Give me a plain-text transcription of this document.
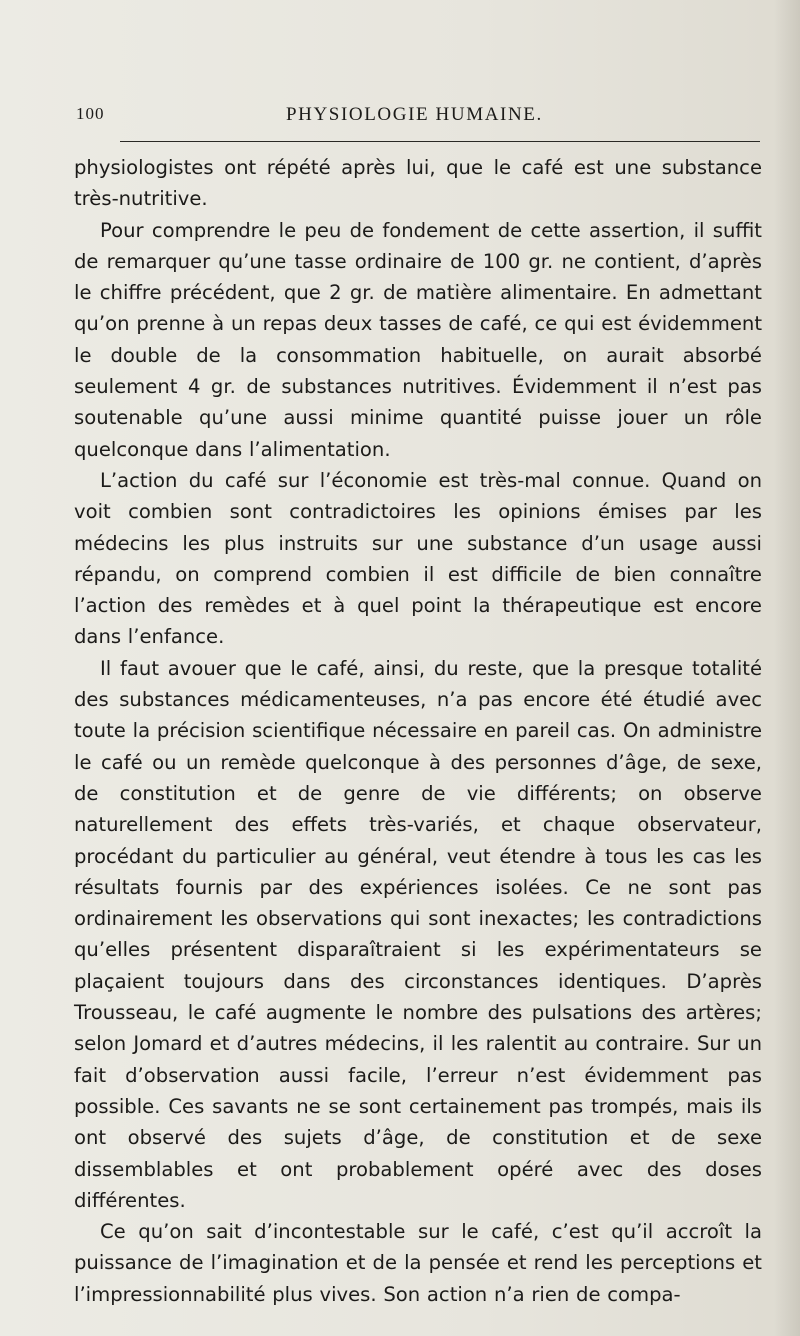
100	PHYSIOLOGIE HUMAINE.

physiologistes ont répété après lui, que le café est une substance très-nutritive.

Pour comprendre le peu de fondement de cette assertion, il suffit de remarquer qu’une tasse ordinaire de 100 gr. ne contient, d’après le chiffre précédent, que 2 gr. de matière alimentaire. En admettant qu’on prenne à un repas deux tasses de café, ce qui est évidemment le double de la consommation habituelle, on aurait absorbé seulement 4 gr. de substances nutritives. Évidemment il n’est pas soutenable qu’une aussi minime quantité puisse jouer un rôle quelconque dans l’alimentation.

L’action du café sur l’économie est très-mal connue. Quand on voit combien sont contradictoires les opinions émises par les médecins les plus instruits sur une substance d’un usage aussi répandu, on comprend combien il est difficile de bien connaître l’action des remèdes et à quel point la thérapeutique est encore dans l’enfance.

Il faut avouer que le café, ainsi, du reste, que la presque totalité des substances médicamenteuses, n’a pas encore été étudié avec toute la précision scientifique nécessaire en pareil cas. On administre le café ou un remède quelconque à des personnes d’âge, de sexe, de constitution et de genre de vie différents; on observe naturellement des effets très-variés, et chaque observateur, procédant du particulier au général, veut étendre à tous les cas les résultats fournis par des expériences isolées. Ce ne sont pas ordinairement les observations qui sont inexactes; les contradictions qu’elles présentent disparaîtraient si les expérimentateurs se plaçaient toujours dans des circonstances identiques. D’après Trousseau, le café augmente le nombre des pulsations des artères; selon Jomard et d’autres médecins, il les ralentit au contraire. Sur un fait d’observation aussi facile, l’erreur n’est évidemment pas possible. Ces savants ne se sont certainement pas trompés, mais ils ont observé des sujets d’âge, de constitution et de sexe dissemblables et ont probablement opéré avec des doses différentes.

Ce qu’on sait d’incontestable sur le café, c’est qu’il accroît la puissance de l’imagination et de la pensée et rend les perceptions et l’impressionnabilité plus vives. Son action n’a rien de compa-
